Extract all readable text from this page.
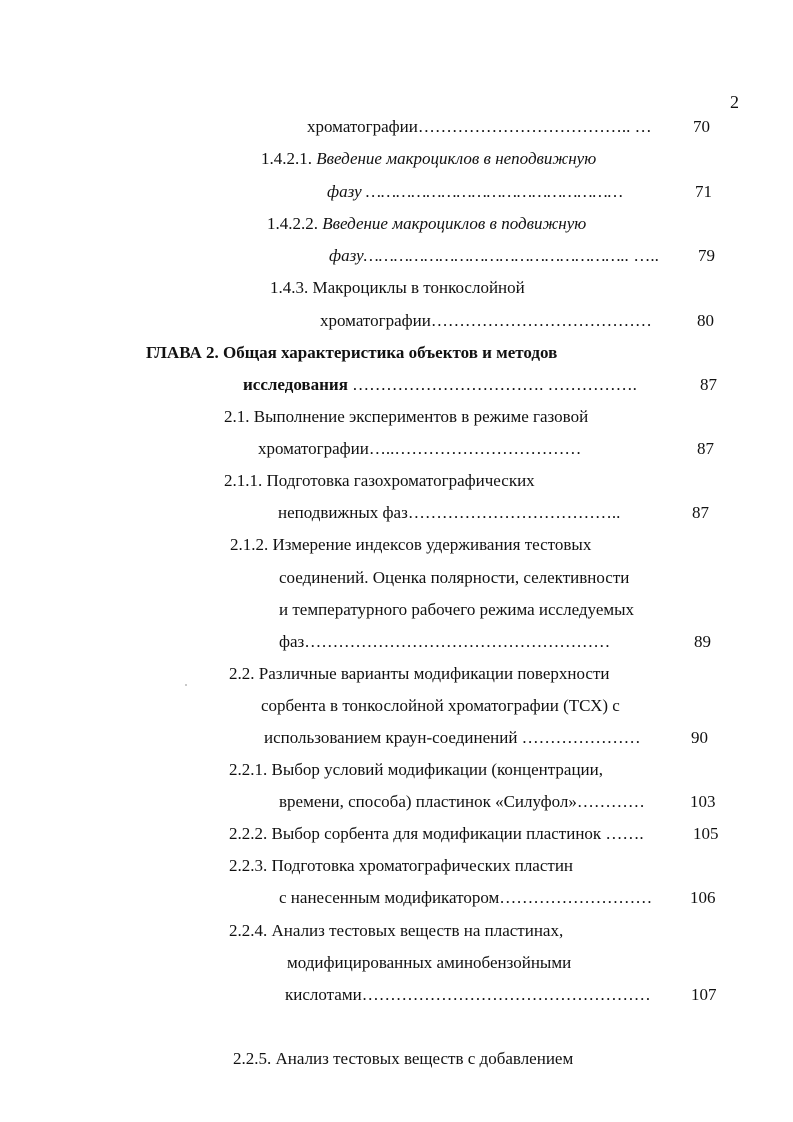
2
хроматографии……………………………….. … 70
1.4.2.1. Введение макроциклов в неподвижную
фазу ……………………………………………	71
1.4.2.2. Введение макроциклов в подвижную
фазу…………………………………………….. ….. 79
1.4.3. Макроциклы в тонкослойной
хроматографии…………………………………	80
ГЛАВА 2. Общая характеристика объектов и методов
исследования ……………………………. …………….	87
2.1. Выполнение экспериментов в режиме газовой
хроматографии…..……………………………	87
2.1.1. Подготовка газохроматографических
неподвижных фаз………………………………..	87
2.1.2. Измерение индексов удерживания тестовых
соединений. Оценка полярности, селективности
и температурного рабочего режима исследуемых
фаз………………………………………………	89
2.2. Различные варианты модификации поверхности
сорбента в тонкослойной хроматографии (ТСХ) с
использованием краун-соединений …………………	90
2.2.1. Выбор условий модификации (концентрации,
времени, способа) пластинок «Силуфол»…………	103
2.2.2. Выбор сорбента для модификации пластинок …….	105
2.2.3. Подготовка хроматографических пластин
с нанесенным модификатором……………………… 106
2.2.4. Анализ тестовых веществ на пластинах,
модифицированных аминобензойными
кислотами…………………………………………… 107
2.2.5. Анализ тестовых веществ с добавлением
